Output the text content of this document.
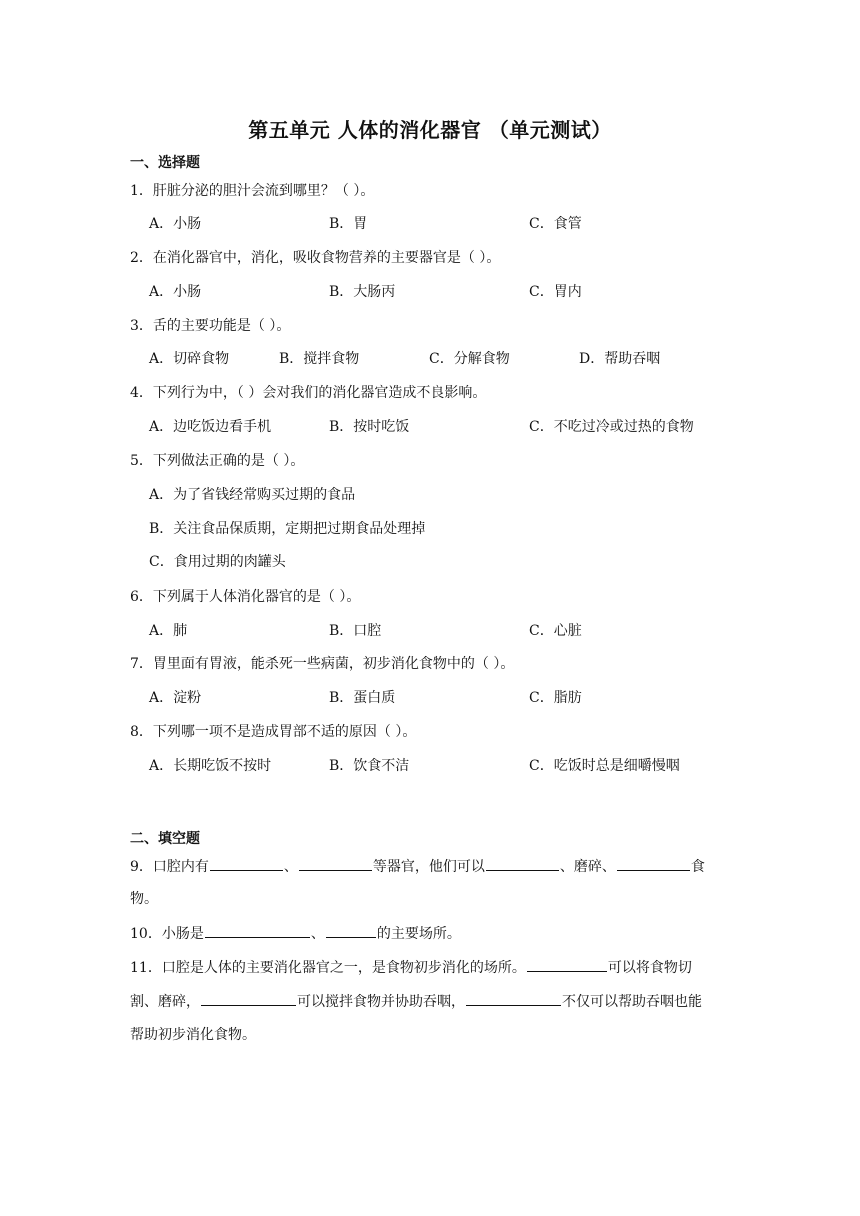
第五单元 人体的消化器官 （单元测试）
一、选择题
1．肝脏分泌的胆汁会流到哪里？（ ）。
A．小肠	B．胃	C．食管
2．在消化器官中，消化，吸收食物营养的主要器官是（ ）。
A．小肠	B．大肠丙	C．胃内
3．舌的主要功能是（ ）。
A．切碎食物	B．搅拌食物	C．分解食物	D．帮助吞咽
4．下列行为中，（ ）会对我们的消化器官造成不良影响。
A．边吃饭边看手机	B．按时吃饭	C．不吃过冷或过热的食物
5．下列做法正确的是（ ）。
A．为了省钱经常购买过期的食品
B．关注食品保质期，定期把过期食品处理掉
C．食用过期的肉罐头
6．下列属于人体消化器官的是（ ）。
A．肺	B．口腔	C．心脏
7．胃里面有胃液，能杀死一些病菌，初步消化食物中的（ ）。
A．淀粉	B．蛋白质	C．脂肪
8．下列哪一项不是造成胃部不适的原因（ ）。
A．长期吃饭不按时	B．饮食不洁	C．吃饭时总是细嚼慢咽
二、填空题
9．口腔内有	、	等器官，他们可以	、磨碎、	食
物。
10．小肠是	、	的主要场所。
11．口腔是人体的主要消化器官之一，是食物初步消化的场所。	可以将食物切
割、磨碎，	可以搅拌食物并协助吞咽，	不仅可以帮助吞咽也能
帮助初步消化食物。
